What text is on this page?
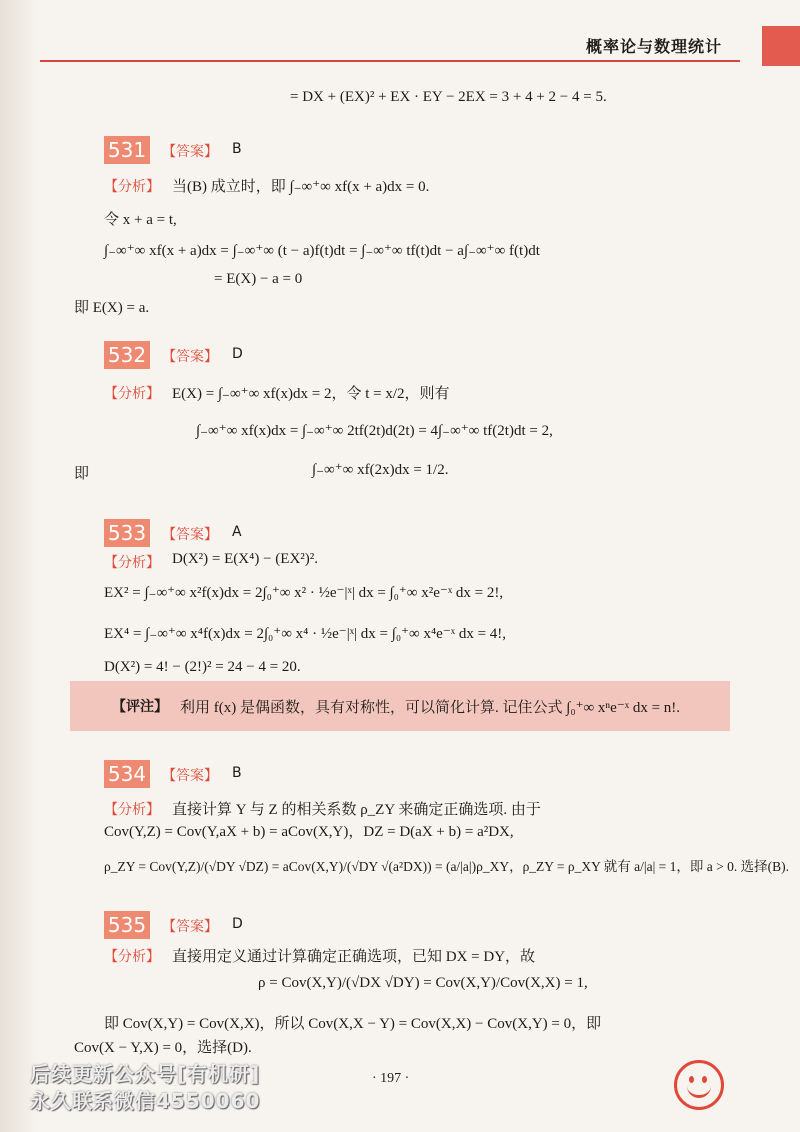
概率论与数理统计
= DX + (EX)² + EX · EY − 2EX = 3 + 4 + 2 − 4 = 5.
531 【答案】 B
【分析】 当(B) 成立时，即 ∫₋∞⁺∞ xf(x + a)dx = 0.
令 x + a = t,
∫₋∞⁺∞ xf(x + a)dx = ∫₋∞⁺∞ (t − a)f(t)dt = ∫₋∞⁺∞ tf(t)dt − a∫₋∞⁺∞ f(t)dt
= E(X) − a = 0
即 E(X) = a.
532 【答案】 D
【分析】 E(X) = ∫₋∞⁺∞ xf(x)dx = 2，令 t = x/2，则有
∫₋∞⁺∞ xf(x)dx = ∫₋∞⁺∞ 2tf(2t)d(2t) = 4∫₋∞⁺∞ tf(2t)dt = 2,
即	∫₋∞⁺∞ xf(2x)dx = 1/2.
533 【答案】 A
【分析】 D(X²) = E(X⁴) − (EX²)².
EX² = ∫₋∞⁺∞ x²f(x)dx = 2∫₀⁺∞ x² · ½e⁻|ˣ| dx = ∫₀⁺∞ x²e⁻ˣ dx = 2!,
EX⁴ = ∫₋∞⁺∞ x⁴f(x)dx = 2∫₀⁺∞ x⁴ · ½e⁻|ˣ| dx = ∫₀⁺∞ x⁴e⁻ˣ dx = 4!,
D(X²) = 4! − (2!)² = 24 − 4 = 20.
【评注】 利用 f(x) 是偶函数，具有对称性，可以简化计算. 记住公式 ∫₀⁺∞ xⁿe⁻ˣ dx = n!.
534 【答案】 B
【分析】 直接计算 Y 与 Z 的相关系数 ρ_ZY 来确定正确选项. 由于
Cov(Y,Z) = Cov(Y,aX + b) = aCov(X,Y)，DZ = D(aX + b) = a²DX,
ρ_ZY = Cov(Y,Z)/(√DY √DZ) = aCov(X,Y)/(√DY √(a²DX)) = (a/|a|)ρ_XY，ρ_ZY = ρ_XY 就有 a/|a| = 1，即 a > 0. 选择(B).
535 【答案】 D
【分析】 直接用定义通过计算确定正确选项，已知 DX = DY，故
ρ = Cov(X,Y)/(√DX √DY) = Cov(X,Y)/Cov(X,X) = 1,
即 Cov(X,Y) = Cov(X,X)，所以 Cov(X,X − Y) = Cov(X,X) − Cov(X,Y) = 0，即
Cov(X − Y,X) = 0，选择(D).
· 197 ·
后续更新公众号[有机研]
永久联系微信4550060
